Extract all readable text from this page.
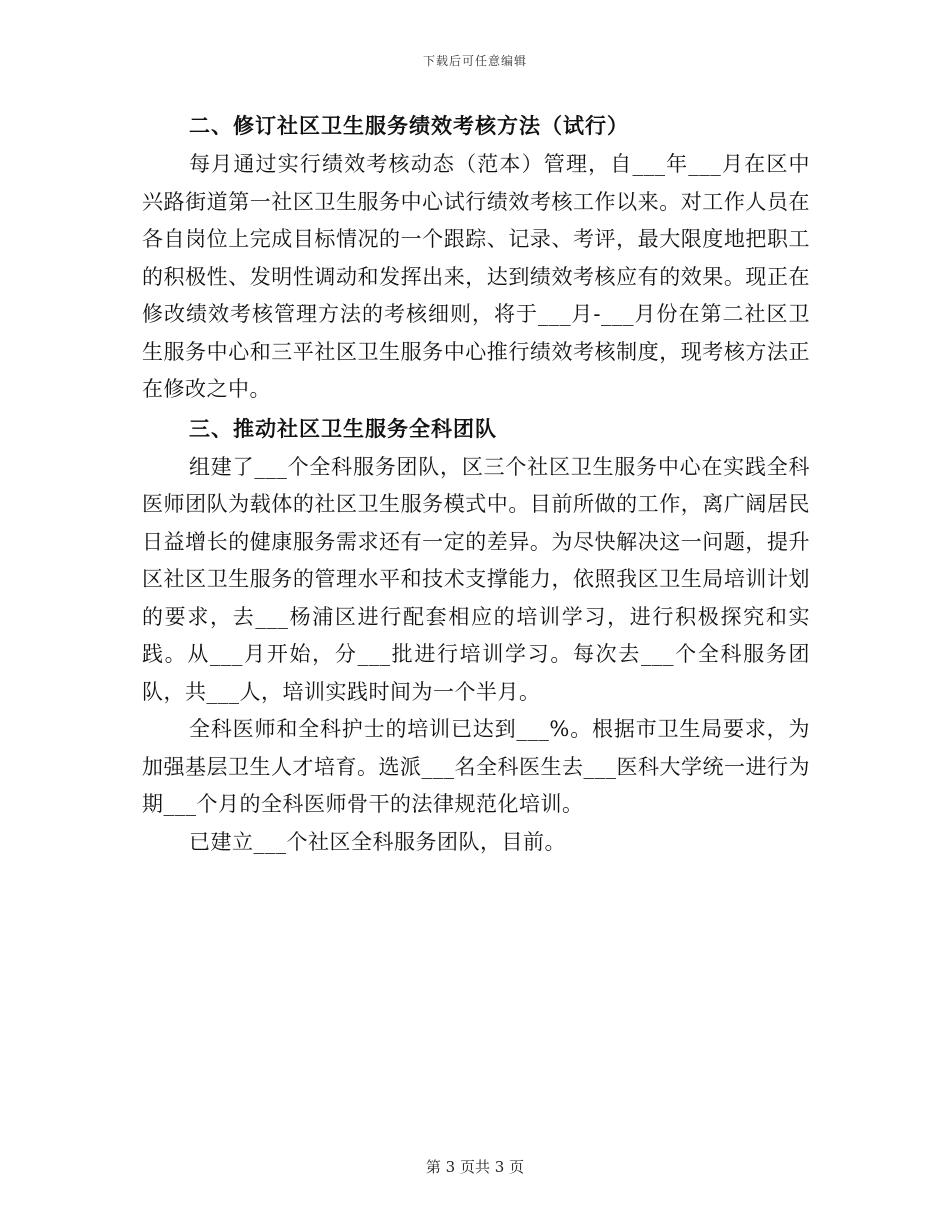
下载后可任意编辑
二、修订社区卫生服务绩效考核方法（试行）

每月通过实行绩效考核动态（范本）管理，自___年___月在区中兴路街道第一社区卫生服务中心试行绩效考核工作以来。对工作人员在各自岗位上完成目标情况的一个跟踪、记录、考评，最大限度地把职工的积极性、发明性调动和发挥出来，达到绩效考核应有的效果。现正在修改绩效考核管理方法的考核细则，将于___月-___月份在第二社区卫生服务中心和三平社区卫生服务中心推行绩效考核制度，现考核方法正在修改之中。

三、推动社区卫生服务全科团队

组建了___个全科服务团队，区三个社区卫生服务中心在实践全科医师团队为载体的社区卫生服务模式中。目前所做的工作，离广阔居民日益增长的健康服务需求还有一定的差异。为尽快解决这一问题，提升区社区卫生服务的管理水平和技术支撑能力，依照我区卫生局培训计划的要求，去___杨浦区进行配套相应的培训学习，进行积极探究和实践。从___月开始，分___批进行培训学习。每次去___个全科服务团队，共___人，培训实践时间为一个半月。

全科医师和全科护士的培训已达到___%。根据市卫生局要求，为加强基层卫生人才培育。选派___名全科医生去___医科大学统一进行为期___个月的全科医师骨干的法律规范化培训。

已建立___个社区全科服务团队，目前。

第 3 页共 3 页
